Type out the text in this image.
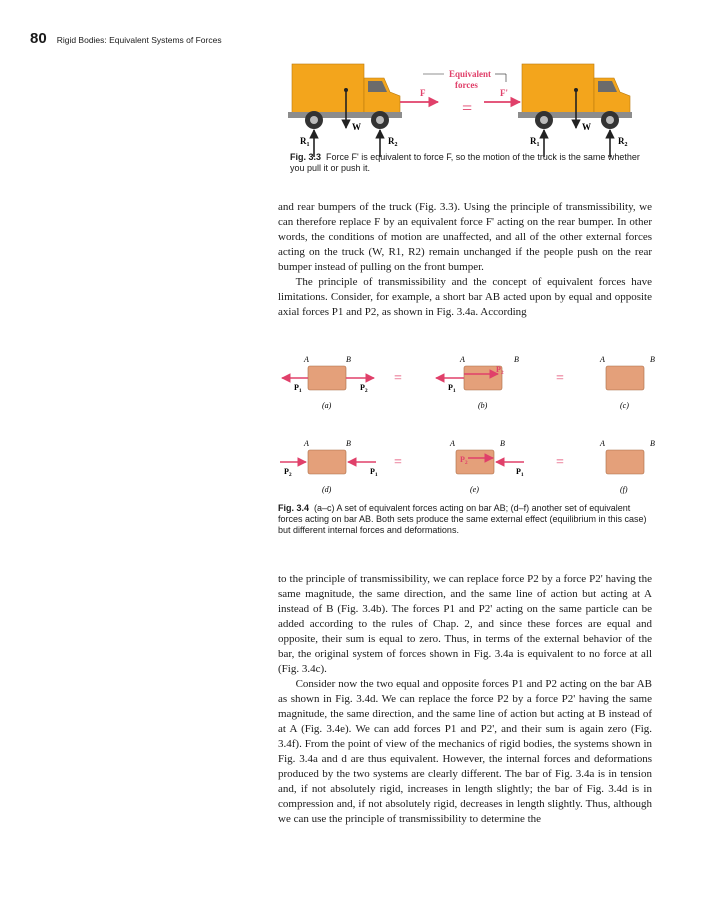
80 Rigid Bodies: Equivalent Systems of Forces
W
$R_1$	$R_2$
F
Equivalent
forces
=
F'
W
$R_1$	$R_2$
Fig. 3.3 Force F' is equivalent to force F, so the motion of the truck is the same whether you pull it or push it.

and rear bumpers of the truck (Fig. 3.3). Using the principle of transmissibility, we can therefore replace F by an equivalent force F' acting on the rear bumper. In other words, the conditions of motion are unaffected, and all of the other external forces acting on the truck (W, R1, R2) remain unchanged if the people push on the rear bumper instead of pulling on the front bumper.

The principle of transmissibility and the concept of equivalent forces have limitations. Consider, for example, a short bar AB acted upon by equal and opposite axial forces P1 and P2, as shown in Fig. 3.4a. According

A	B
$P_1$	$P_2$
(a)
=
A	B
$P_1$
$P_2$
(b)
=
A	B
(c)
A	B
$P_2$	$P_1$
(d)
=
A	B
$P_2$
$P_1$
(e)
=
A	B
(f)
Fig. 3.4 (a–c) A set of equivalent forces acting on bar AB; (d–f) another set of equivalent forces acting on bar AB. Both sets produce the same external effect (equilibrium in this case) but different internal forces and deformations.

to the principle of transmissibility, we can replace force P2 by a force P2' having the same magnitude, the same direction, and the same line of action but acting at A instead of B (Fig. 3.4b). The forces P1 and P2' acting on the same particle can be added according to the rules of Chap. 2, and since these forces are equal and opposite, their sum is equal to zero. Thus, in terms of the external behavior of the bar, the original system of forces shown in Fig. 3.4a is equivalent to no force at all (Fig. 3.4c).

Consider now the two equal and opposite forces P1 and P2 acting on the bar AB as shown in Fig. 3.4d. We can replace the force P2 by a force P2' having the same magnitude, the same direction, and the same line of action but acting at B instead of at A (Fig. 3.4e). We can add forces P1 and P2', and their sum is again zero (Fig. 3.4f). From the point of view of the mechanics of rigid bodies, the systems shown in Fig. 3.4a and d are thus equivalent. However, the internal forces and deformations produced by the two systems are clearly different. The bar of Fig. 3.4a is in tension and, if not absolutely rigid, increases in length slightly; the bar of Fig. 3.4d is in compression and, if not absolutely rigid, decreases in length slightly. Thus, although we can use the principle of transmissibility to determine the
